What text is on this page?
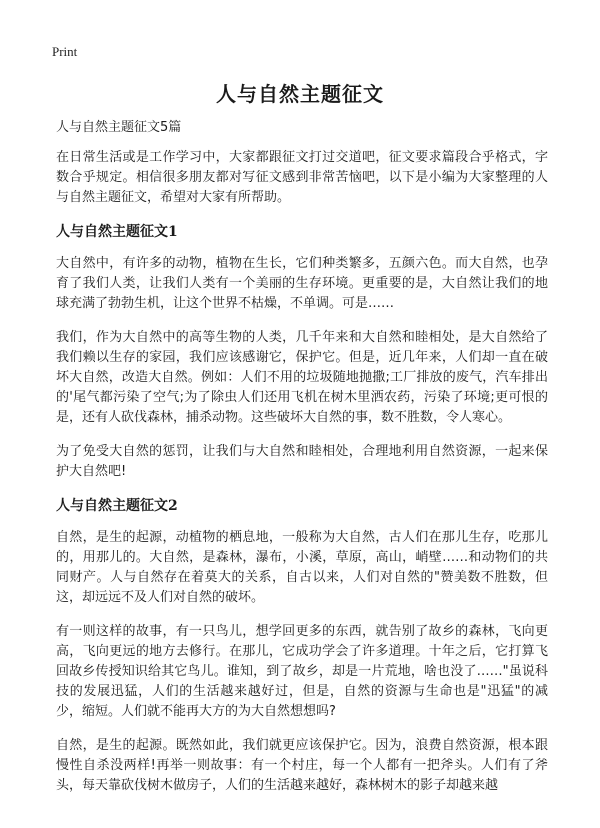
Print
人与自然主题征文
人与自然主题征文5篇
在日常生活或是工作学习中，大家都跟征文打过交道吧，征文要求篇段合乎格式，字数合乎规定。相信很多朋友都对写征文感到非常苦恼吧，以下是小编为大家整理的人与自然主题征文，希望对大家有所帮助。
人与自然主题征文1
大自然中，有许多的动物，植物在生长，它们种类繁多，五颜六色。而大自然，也孕育了我们人类，让我们人类有一个美丽的生存环境。更重要的是，大自然让我们的地球充满了勃勃生机，让这个世界不枯燥，不单调。可是……
我们，作为大自然中的高等生物的人类，几千年来和大自然和睦相处，是大自然给了我们赖以生存的家园，我们应该感谢它，保护它。但是，近几年来，人们却一直在破坏大自然，改造大自然。例如：人们不用的垃圾随地抛撒;工厂排放的废气，汽车排出的'尾气都污染了空气;为了除虫人们还用飞机在树木里洒农药，污染了环境;更可恨的是，还有人砍伐森林，捕杀动物。这些破坏大自然的事，数不胜数，令人寒心。
为了免受大自然的惩罚，让我们与大自然和睦相处，合理地利用自然资源，一起来保护大自然吧!
人与自然主题征文2
自然，是生的起源，动植物的栖息地，一般称为大自然，古人们在那儿生存，吃那儿的，用那儿的。大自然，是森林，瀑布，小溪，草原，高山，峭壁……和动物们的共同财产。人与自然存在着莫大的关系，自古以来，人们对自然的"赞美数不胜数，但这，却远远不及人们对自然的破坏。
有一则这样的故事，有一只鸟儿，想学回更多的东西，就告别了故乡的森林，飞向更高，飞向更远的地方去修行。在那儿，它成功学会了许多道理。十年之后，它打算飞回故乡传授知识给其它鸟儿。谁知，到了故乡，却是一片荒地，啥也没了……"虽说科技的发展迅猛，人们的生活越来越好过，但是，自然的资源与生命也是"迅猛"的减少，缩短。人们就不能再大方的为大自然想想吗?
自然，是生的起源。既然如此，我们就更应该保护它。因为，浪费自然资源，根本跟慢性自杀没两样!再举一则故事：有一个村庄，每一个人都有一把斧头。人们有了斧头，每天靠砍伐树木做房子，人们的生活越来越好，森林树木的影子却越来越
